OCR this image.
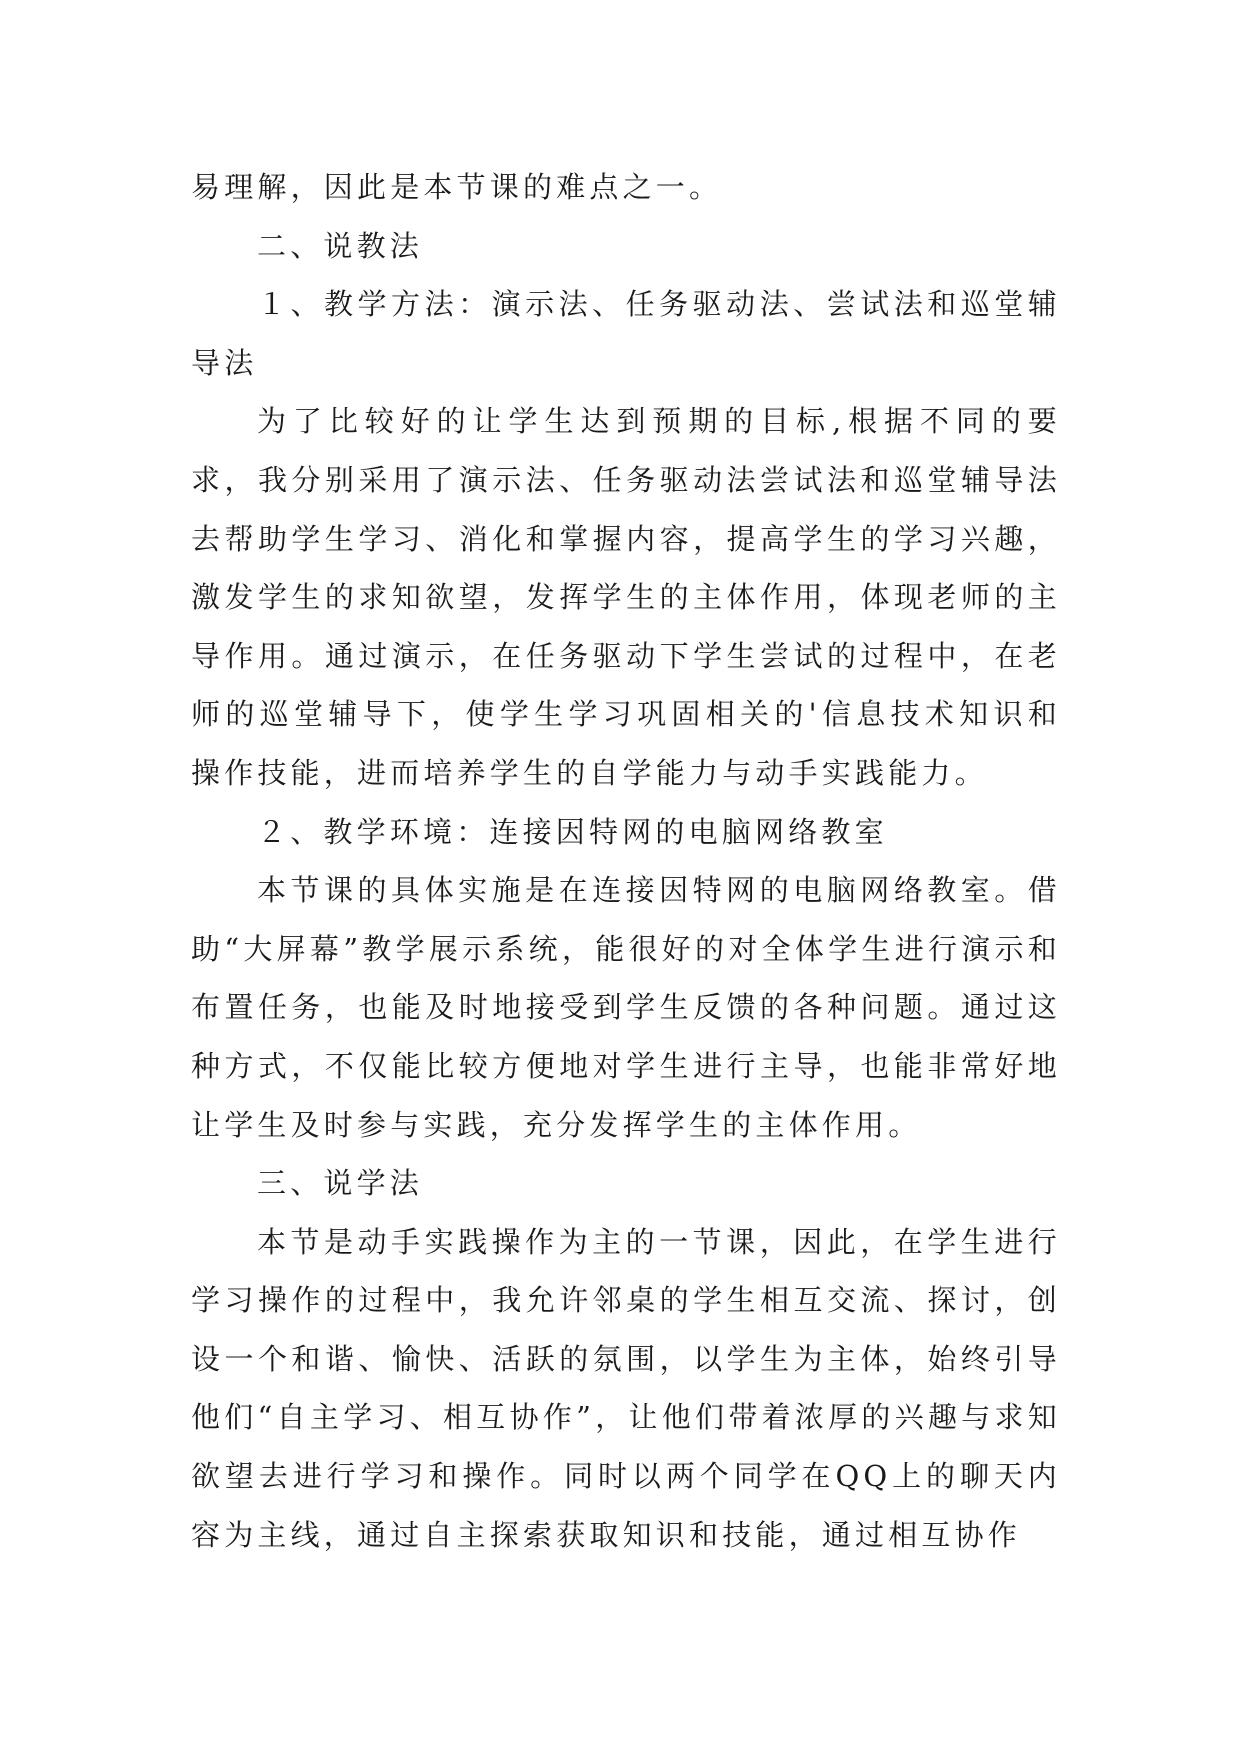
易理解，因此是本节课的难点之一。

二、说教法

１、教学方法：演示法、任务驱动法、尝试法和巡堂辅导法

为了比较好的让学生达到预期的目标,根据不同的要求，我分别采用了演示法、任务驱动法尝试法和巡堂辅导法去帮助学生学习、消化和掌握内容，提高学生的学习兴趣，激发学生的求知欲望，发挥学生的主体作用，体现老师的主导作用。通过演示，在任务驱动下学生尝试的过程中，在老师的巡堂辅导下，使学生学习巩固相关的'信息技术知识和操作技能，进而培养学生的自学能力与动手实践能力。

２、教学环境：连接因特网的电脑网络教室

本节课的具体实施是在连接因特网的电脑网络教室。借助“大屏幕”教学展示系统，能很好的对全体学生进行演示和布置任务，也能及时地接受到学生反馈的各种问题。通过这种方式，不仅能比较方便地对学生进行主导，也能非常好地让学生及时参与实践，充分发挥学生的主体作用。

三、说学法

本节是动手实践操作为主的一节课，因此，在学生进行学习操作的过程中，我允许邻桌的学生相互交流、探讨，创设一个和谐、愉快、活跃的氛围，以学生为主体，始终引导他们“自主学习、相互协作”，让他们带着浓厚的兴趣与求知欲望去进行学习和操作。同时以两个同学在QQ上的聊天内容为主线，通过自主探索获取知识和技能，通过相互协作
